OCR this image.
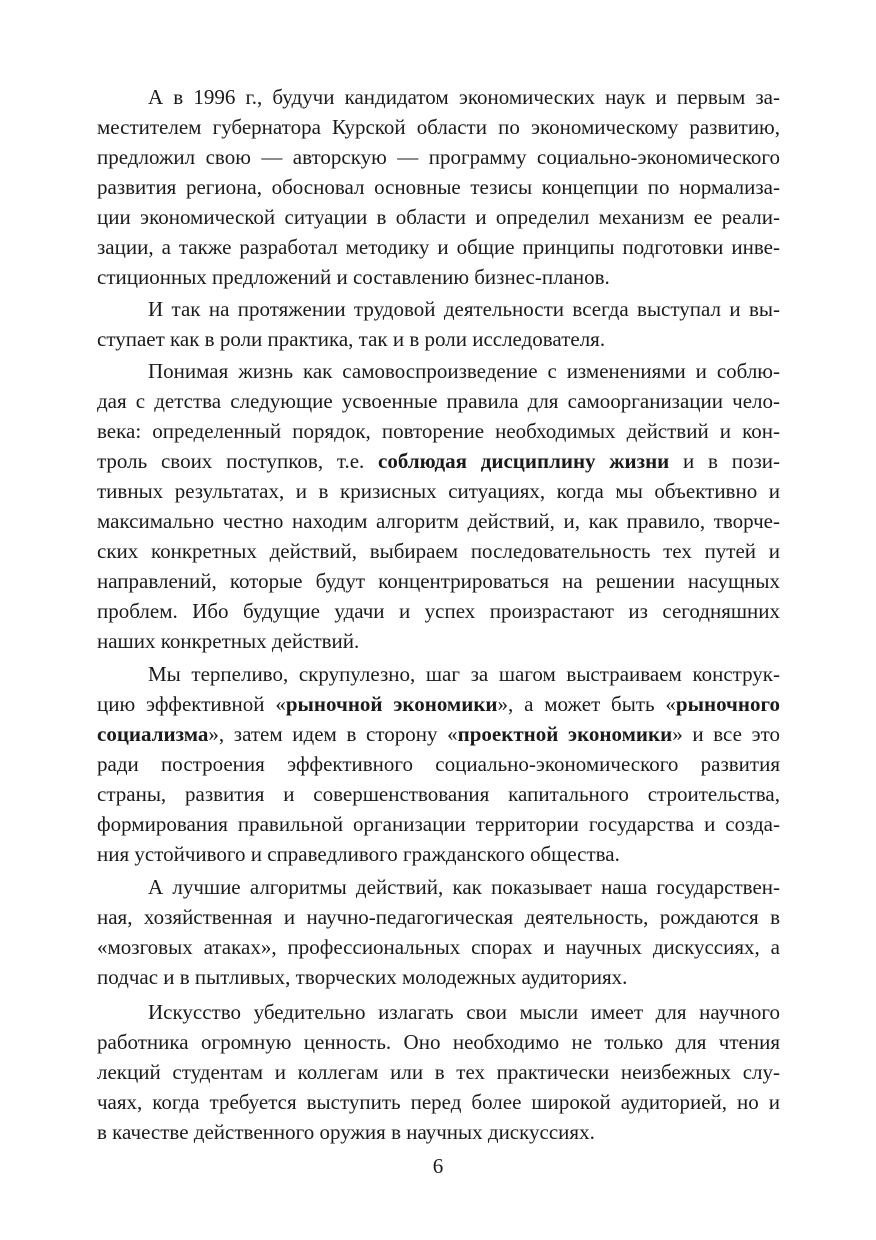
А в 1996 г., будучи кандидатом экономических наук и первым за-
местителем губернатора Курской области по экономическому развитию,
предложил свою — авторскую — программу социально-экономического
развития региона, обосновал основные тезисы концепции по нормализа-
ции экономической ситуации в области и определил механизм ее реали-
зации, а также разработал методику и общие принципы подготовки инве-
стиционных предложений и составлению бизнес-планов.
И так на протяжении трудовой деятельности всегда выступал и вы-
ступает как в роли практика, так и в роли исследователя.
Понимая жизнь как самовоспроизведение с изменениями и соблю-
дая с детства следующие усвоенные правила для самоорганизации чело-
века: определенный порядок, повторение необходимых действий и кон-
троль своих поступков, т.е. соблюдая дисциплину жизни и в пози-
тивных результатах, и в кризисных ситуациях, когда мы объективно и
максимально честно находим алгоритм действий, и, как правило, творче-
ских конкретных действий, выбираем последовательность тех путей и
направлений, которые будут концентрироваться на решении насущных
проблем. Ибо будущие удачи и успех произрастают из сегодняшних
наших конкретных действий.
Мы терпеливо, скрупулезно, шаг за шагом выстраиваем конструк-
цию эффективной «рыночной экономики», а может быть «рыночного
социализма», затем идем в сторону «проектной экономики» и все это
ради построения эффективного социально-экономического развития
страны, развития и совершенствования капитального строительства,
формирования правильной организации территории государства и созда-
ния устойчивого и справедливого гражданского общества.
А лучшие алгоритмы действий, как показывает наша государствен-
ная, хозяйственная и научно-педагогическая деятельность, рождаются в
«мозговых атаках», профессиональных спорах и научных дискуссиях, а
подчас и в пытливых, творческих молодежных аудиториях.
Искусство убедительно излагать свои мысли имеет для научного
работника огромную ценность. Оно необходимо не только для чтения
лекций студентам и коллегам или в тех практически неизбежных слу-
чаях, когда требуется выступить перед более широкой аудиторией, но и
в качестве действенного оружия в научных дискуссиях.
6
